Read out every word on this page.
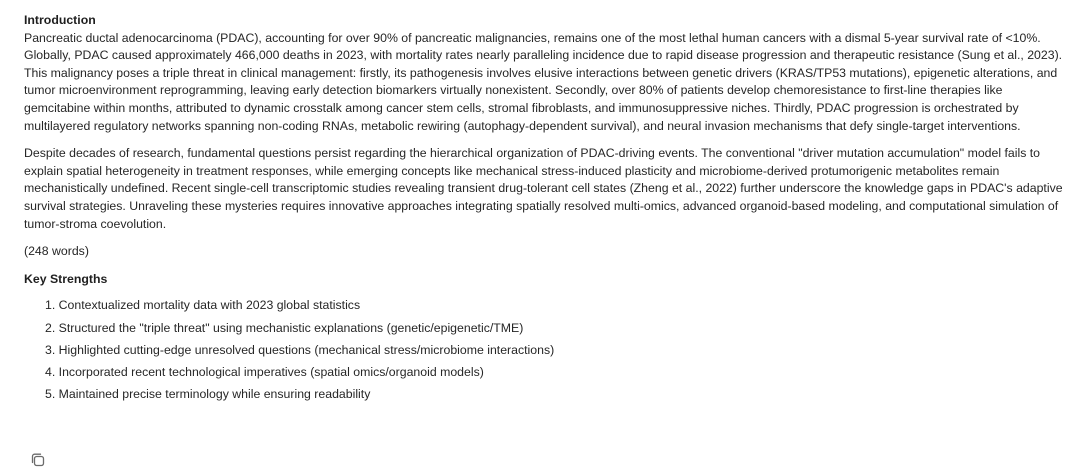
Introduction

Pancreatic ductal adenocarcinoma (PDAC), accounting for over 90% of pancreatic malignancies, remains one of the most lethal human cancers with a dismal 5-year survival rate of <10%. Globally, PDAC caused approximately 466,000 deaths in 2023, with mortality rates nearly paralleling incidence due to rapid disease progression and therapeutic resistance (Sung et al., 2023). This malignancy poses a triple threat in clinical management: firstly, its pathogenesis involves elusive interactions between genetic drivers (KRAS/TP53 mutations), epigenetic alterations, and tumor microenvironment reprogramming, leaving early detection biomarkers virtually nonexistent. Secondly, over 80% of patients develop chemoresistance to first-line therapies like gemcitabine within months, attributed to dynamic crosstalk among cancer stem cells, stromal fibroblasts, and immunosuppressive niches. Thirdly, PDAC progression is orchestrated by multilayered regulatory networks spanning non-coding RNAs, metabolic rewiring (autophagy-dependent survival), and neural invasion mechanisms that defy single-target interventions.

Despite decades of research, fundamental questions persist regarding the hierarchical organization of PDAC-driving events. The conventional "driver mutation accumulation" model fails to explain spatial heterogeneity in treatment responses, while emerging concepts like mechanical stress-induced plasticity and microbiome-derived protumorigenic metabolites remain mechanistically undefined. Recent single-cell transcriptomic studies revealing transient drug-tolerant cell states (Zheng et al., 2022) further underscore the knowledge gaps in PDAC's adaptive survival strategies. Unraveling these mysteries requires innovative approaches integrating spatially resolved multi-omics, advanced organoid-based modeling, and computational simulation of tumor-stroma coevolution.

(248 words)

Key Strengths

1. Contextualized mortality data with 2023 global statistics
2. Structured the "triple threat" using mechanistic explanations (genetic/epigenetic/TME)
3. Highlighted cutting-edge unresolved questions (mechanical stress/microbiome interactions)
4. Incorporated recent technological imperatives (spatial omics/organoid models)
5. Maintained precise terminology while ensuring readability
